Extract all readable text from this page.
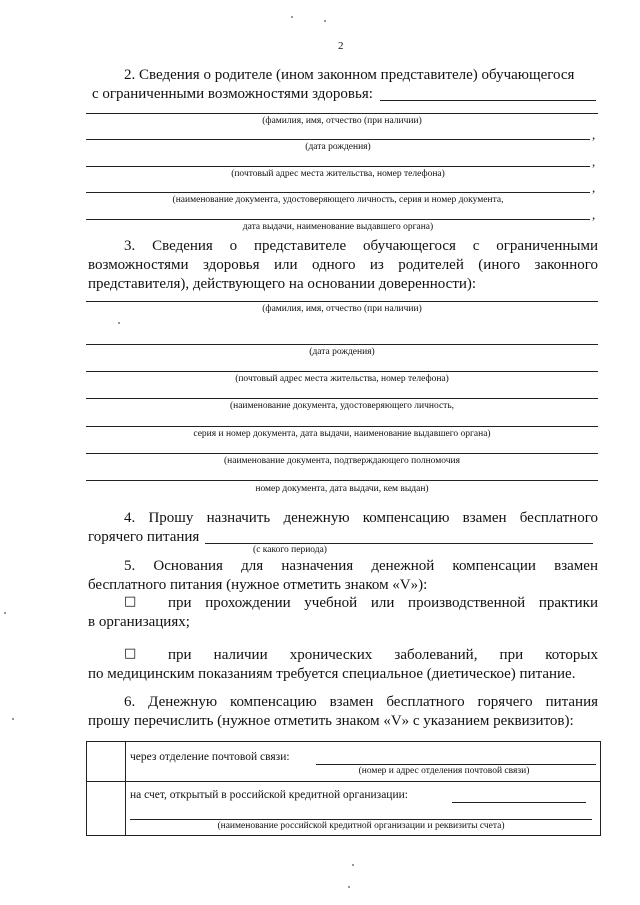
2
2. Сведения о родителе (ином законном представителе) обучающегося
с ограниченными возможностями здоровья:
(фамилия, имя, отчество (при наличии)
,
(дата рождения)
,
(почтовый адрес места жительства, номер телефона)
,
(наименование документа, удостоверяющего личность, серия и номер документа,
,
дата выдачи, наименование выдавшего органа)
3. Сведения о представителе обучающегося с ограниченными
возможностями здоровья или одного из родителей (иного законного
представителя), действующего на основании доверенности):
(фамилия, имя, отчество (при наличии)
(дата рождения)
(почтовый адрес места жительства, номер телефона)
(наименование документа, удостоверяющего личность,
серия и номер документа, дата выдачи, наименование выдавшего органа)
(наименование документа, подтверждающего полномочия
номер документа, дата выдачи, кем выдан)
4. Прошу назначить денежную компенсацию взамен бесплатного
горячего питания
(с какого периода)
5. Основания для назначения денежной компенсации взамен
бесплатного питания (нужное отметить знаком «V»):
□ при прохождении учебной или производственной практики
в организациях;
□ при наличии хронических заболеваний, при которых
по медицинским показаниям требуется специальное (диетическое) питание.
6. Денежную компенсацию взамен бесплатного горячего питания
прошу перечислить (нужное отметить знаком «V» с указанием реквизитов):

	через отделение почтовой связи:
(номер и адрес отделения почтовой связи)

	на счет, открытый в российской кредитной организации:
(наименование российской кредитной организации и реквизиты счета)
